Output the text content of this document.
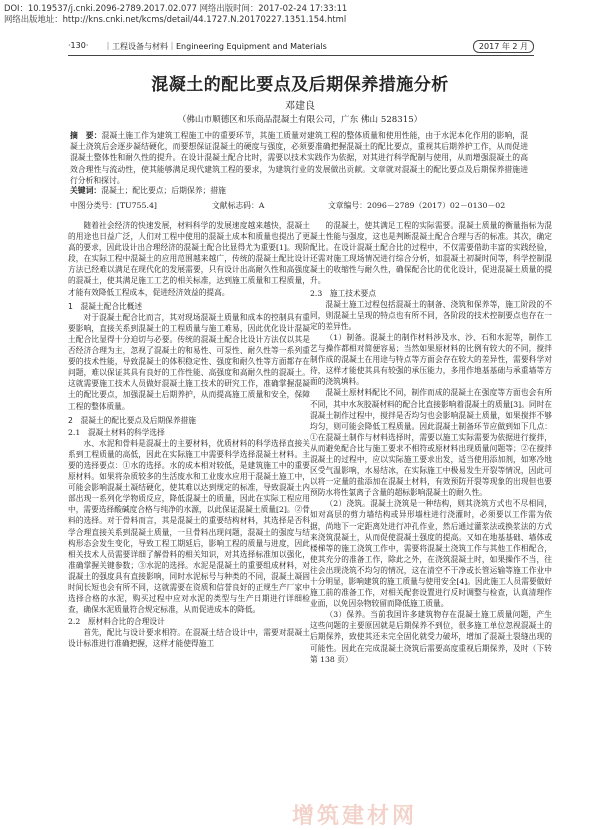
DOI：10.19537/j.cnki.2096-2789.2017.02.077 网络出版时间：2017-02-24 17:33:11
网络出版地址：http://kns.cnki.net/kcms/detail/44.1727.N.20170227.1351.154.html
·130· ｜工程设备与材料｜Engineering Equipment and Materials	2017 年 2 月
混凝土的配比要点及后期保养措施分析
邓建良
（佛山市顺德区和乐商品混凝土有限公司，广东 佛山 528315）
摘　要：混凝土施工作为建筑工程施工中的重要环节，其施工质量对建筑工程的整体质量和使用性能，由于水泥本化作用的影响，混凝土浇筑后会逐步凝结硬化，而要想保证混凝土的硬度与强度，必须要准确把握混凝土的配比要点，重视其后期养护工作，从而促进混凝土整体性和耐久性的提升。在设计混凝土配合比时，需要以技术实践作为依据，对其进行科学配制与使用，从而增强混凝土的高效合理性与流动性，使其能够满足现代建筑工程的要求，为建筑行业的发展做出贡献。文章就对混凝土的配比要点及后期保养措施进行分析和探讨。
关键词：混凝土；配比要点；后期保养；措施
中图分类号：[TU755.4]	文献标志码：A	文章编号：2096－2789（2017）02－0130－02

随着社会经济的快速发展，材料科学的发展速度越来越快，混凝土的用途也日益广泛，人们对工程中使用的混凝土成本和质量也提出了更高的要求，因此设计出合理经济的混凝土配合比显得尤为重要[1]。现阶段，在实际工程中混凝土的应用范围越来越广，传统的混凝土配比设计方法已经难以满足在现代化的发展需要，只有设计出高耐久性和高强度的混凝土，使其满足施工工艺的相关标准，达到施工质量和工程质量，才能有效降低工程成本，促进经济效益的提高。

1　混凝土配合比概述

对于混凝土配合比而言，其对现场混凝土质量和成本的控制具有重要影响，直接关系到混凝土的工程质量与施工难易，因此优化设计混凝土配合比显得十分迫切与必要。传统的混凝土配合比设计方法仅以其是否经济合理为主，忽视了混凝土的和易性、可泵性、耐久性等一系列重要的技术性能，导致混凝土的体积稳定性、强度和耐久性等方面都存在问题，难以保证其具有良好的工作性能、高强度和高耐久性的混凝土。这就需要施工技术人员做好混凝土施工技术的研究工作，准确掌握混凝土的配比要点，加强混凝土后期养护，从而提高施工质量和安全，保障工程的整体质量。

2　混凝土的配比要点及后期保养措施

2.1　混凝土材料的科学选择

水、水泥和骨料是混凝土的主要材料，优质材料的科学选择直接关系到工程质量的高低，因此在实际施工中需要科学选择混凝土材料。主要的选择要点：①水的选择。水的成本相对较低，是建筑施工中的重要原材料。如果将杂质较多的生活废水和工业废水应用于混凝土施工中，可能会影响混凝土凝结硬化，使其难以达到规定的标准，导致混凝土内部出现一系列化学物质反应，降低混凝土的质量，因此在实际工程应用中，需要选择酸碱度合格与纯净的水源，以此保证混凝土质量[2]。②骨料的选择。对于骨料而言，其是混凝土的重要结构材料，其选择是否科学合理直接关系到混凝土质量，一旦骨料出现问题，混凝土的强度与结构形态会发生变化，导致工程工期延后，影响工程的质量与进度，因此相关技术人员需要详细了解骨料的相关知识，对其选择标准加以强化，准确掌握关键参数；③水泥的选择。水泥是混凝土的重要组成材料，对混凝土的强度具有直接影响，同时水泥标号与种类的不同，混凝土凝固时间长短也会有所不同，这就需要在资质和信誉良好的正规生产厂家中选择合格的水泥，购买过程中应对水泥的类型与生产日期进行详细检查，确保水泥质量符合规定标准，从而促进成本的降低。

2.2　原材料合比的合理设计

首先，配比与设计要求相符。在混凝土结合设计中，需要对混凝土设计标准进行准确把握，这样才能使得施工

的混凝土，使其满足工程的实际需要。混凝土质量的衡量指标为混凝土性能与强度，这也是判断混凝土配合合理与否的标准。其次，确定配比。在设计混凝土配合比的过程中，不仅需要借助丰富的实践经验，还需对施工现场情况进行综合分析，如混凝土初凝时间等，科学控制混凝土的收缩性与耐久性，确保配合比的优化设计，促进混凝土质量的提升。

2.3　施工技术要点

混凝土施工过程包括混凝土的制备、浇筑和保养等，施工阶段的不同，则混凝土呈现的特点也有所不同，各阶段的技术控制要点也存在一定的差异性。

（1）制备。混凝土的制作材料涉及水、沙、石和水泥等，制作工艺与操作都相对简便容易；当然如果原材料的比例有较大的不同，搅拌制作成的混凝土在用途与特点等方面会存在较大的差异性，需要科学对待，这样才能使其具有较强的承压能力，多用作地基基础与承重墙等方面的浇筑填料。

混凝土原材料配比不同，制作而成的混凝土在强度等方面也会有所不同，其中水灰胶凝材料的配合比直接影响着混凝土的质量[3]。同时在混凝土制作过程中，搅拌是否均匀也会影响混凝土质量，如果搅拌不够均匀，则可能会降低工程质量。因此混凝土制备环节应做到如下几点：①在混凝土制作与材料选择时，需要以施工实际需要为依据进行搅拌，从而避免配合比与施工要求不相符或原材料出现质量问题等；②在搅拌混凝土的过程中，应以实际施工要求出发，适当使用添加剂，如寒冷地区受气温影响，水易结冰，在实际施工中极易发生开裂等情况，因此可以将一定量的盐添加在混凝土材料，有效预防开裂等现象的出现但也要预防水将性氯离子含量的超标影响混凝土的耐久性。

（2）浇筑。混凝土浇筑是一种结构，则其浇筑方式也不尽相同，如对高层的剪力墙结构或异形墙柱进行浇灌时，必须要以工作需为依据，尚地下一定距离处进行冲孔作业，然后通过灌浆法或换浆法的方式来浇筑混凝土，从而促使混凝土强度的提高。又如在地基基础、墙体或楼梯等的施工浇筑工作中，需要将混凝土浇筑工作与其他工作相配合，使其充分的准备工作，除此之外，在浇筑混凝土时，如果操作不当，往往会出现浇筑不均匀的情况，这在清空不干净或长管运输等施工作业中十分明显，影响建筑的施工质量与使用安全[4]。因此施工人员需要做好施工前的准备工作，对相关配套设置进行反时调整与检查，认真清理作业面，以免因杂物较留而降低施工质量。

（3）保养。当前我国许多建筑物存在混凝土施工质量问题，产生这些问题的主要原因就是后期保养不到位，很多施工单位忽视混凝土的后期保养，致使其还未完全固化就受力破坏，增加了混凝土裂缝出现的可能性。因此在完成混凝土浇筑后需要高度重视后期保养，及时（下转第 138 页）

增筑建材网
